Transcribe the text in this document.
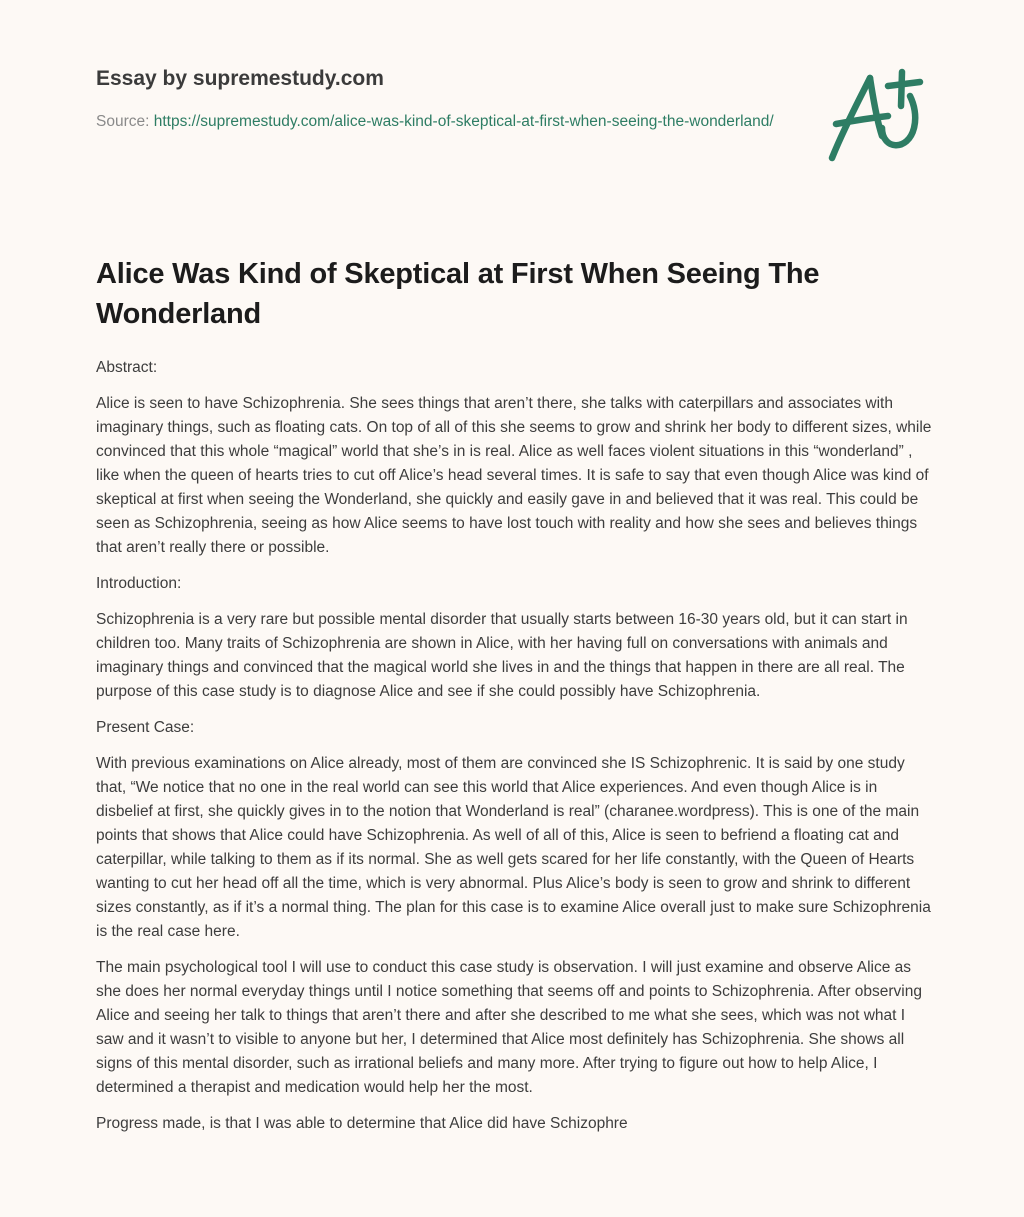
Essay by supremestudy.com
Source: https://supremestudy.com/alice-was-kind-of-skeptical-at-first-when-seeing-the-wonderland/
Alice Was Kind of Skeptical at First When Seeing The Wonderland

Abstract:

Alice is seen to have Schizophrenia. She sees things that aren’t there, she talks with caterpillars and associates with imaginary things, such as floating cats. On top of all of this she seems to grow and shrink her body to different sizes, while convinced that this whole “magical” world that she’s in is real. Alice as well faces violent situations in this “wonderland” , like when the queen of hearts tries to cut off Alice’s head several times. It is safe to say that even though Alice was kind of skeptical at first when seeing the Wonderland, she quickly and easily gave in and believed that it was real. This could be seen as Schizophrenia, seeing as how Alice seems to have lost touch with reality and how she sees and believes things that aren’t really there or possible.

Introduction:

Schizophrenia is a very rare but possible mental disorder that usually starts between 16-30 years old, but it can start in children too. Many traits of Schizophrenia are shown in Alice, with her having full on conversations with animals and imaginary things and convinced that the magical world she lives in and the things that happen in there are all real. The purpose of this case study is to diagnose Alice and see if she could possibly have Schizophrenia.

Present Case:

With previous examinations on Alice already, most of them are convinced she IS Schizophrenic. It is said by one study that, “We notice that no one in the real world can see this world that Alice experiences. And even though Alice is in disbelief at first, she quickly gives in to the notion that Wonderland is real” (charanee.wordpress). This is one of the main points that shows that Alice could have Schizophrenia. As well of all of this, Alice is seen to befriend a floating cat and caterpillar, while talking to them as if its normal. She as well gets scared for her life constantly, with the Queen of Hearts wanting to cut her head off all the time, which is very abnormal. Plus Alice’s body is seen to grow and shrink to different sizes constantly, as if it’s a normal thing. The plan for this case is to examine Alice overall just to make sure Schizophrenia is the real case here.

The main psychological tool I will use to conduct this case study is observation. I will just examine and observe Alice as she does her normal everyday things until I notice something that seems off and points to Schizophrenia. After observing Alice and seeing her talk to things that aren’t there and after she described to me what she sees, which was not what I saw and it wasn’t to visible to anyone but her, I determined that Alice most definitely has Schizophrenia. She shows all signs of this mental disorder, such as irrational beliefs and many more. After trying to figure out how to help Alice, I determined a therapist and medication would help her the most.

Progress made, is that I was able to determine that Alice did have Schizophre
